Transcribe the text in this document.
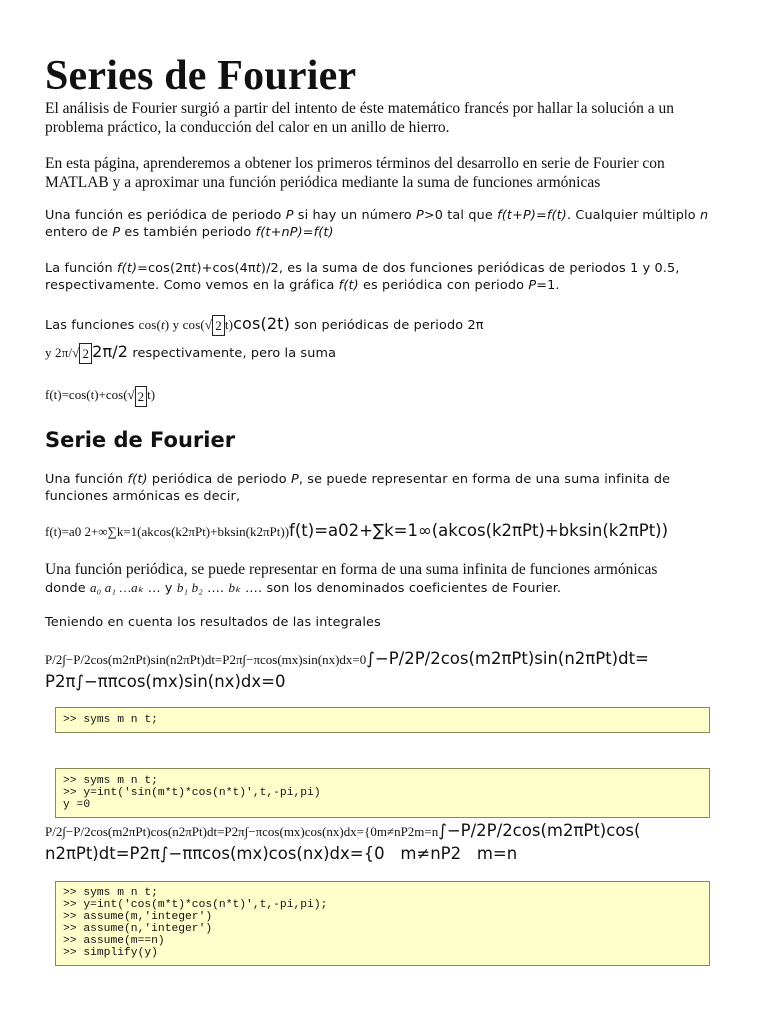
Series de Fourier

El análisis de Fourier surgió a partir del intento de éste matemático francés por hallar la solución a un problema práctico, la conducción del calor en un anillo de hierro.

En esta página, aprenderemos a obtener los primeros términos del desarrollo en serie de Fourier con MATLAB y a aproximar una función periódica mediante la suma de funciones armónicas

Una función es periódica de periodo P si hay un número P>0 tal que f(t+P)=f(t). Cualquier múltiplo n entero de P es también periodo f(t+nP)=f(t)

La función f(t)=cos(2πt)+cos(4πt)/2, es la suma de dos funciones periódicas de periodos 1 y 0.5, respectivamente. Como vemos en la gráfica f(t) es periódica con periodo P=1.

Las funciones cos(t) y cos(√ 2 t)cos(2t) son periódicas de periodo 2π

y 2π/√ 2 2π/2 respectivamente, pero la suma

f(t)=cos(t)+cos(√ 2 t)

Serie de Fourier

Una función f(t) periódica de periodo P, se puede representar en forma de una suma infinita de funciones armónicas es decir,

f(t)=a0 2+∞∑k=1(akcos(k2πPt)+bksin(k2πPt))f(t)=a02+∑k=1∞(akcos(k2πPt)+bksin(k2πPt))

Una función periódica, se puede representar en forma de una suma infinita de funciones armónicas

donde a₀ a₁ …aₖ … y b₁ b₂ …. bₖ …. son los denominados coeficientes de Fourier.

Teniendo en cuenta los resultados de las integrales

P/2∫−P/2cos(m2πPt)sin(n2πPt)dt=P2π∫−πcos(mx)sin(nx)dx=0∫−P/2P/2cos(m2πPt)sin(n2πPt)dt=
P2π∫−ππcos(mx)sin(nx)dx=0

>> syms m n t;
>> syms m n t;
>> y=int('sin(m*t)*cos(n*t)',t,-pi,pi)
y =0

P/2∫−P/2cos(m2πPt)cos(n2πPt)dt=P2π∫−πcos(mx)cos(nx)dx={0m≠nP2m=n∫−P/2P/2cos(m2πPt)cos(
n2πPt)dt=P2π∫−ππcos(mx)cos(nx)dx={0   m≠nP2   m=n

>> syms m n t;
>> y=int('cos(m*t)*cos(n*t)',t,-pi,pi);
>> assume(m,'integer')
>> assume(n,'integer')
>> assume(m==n)
>> simplify(y)
